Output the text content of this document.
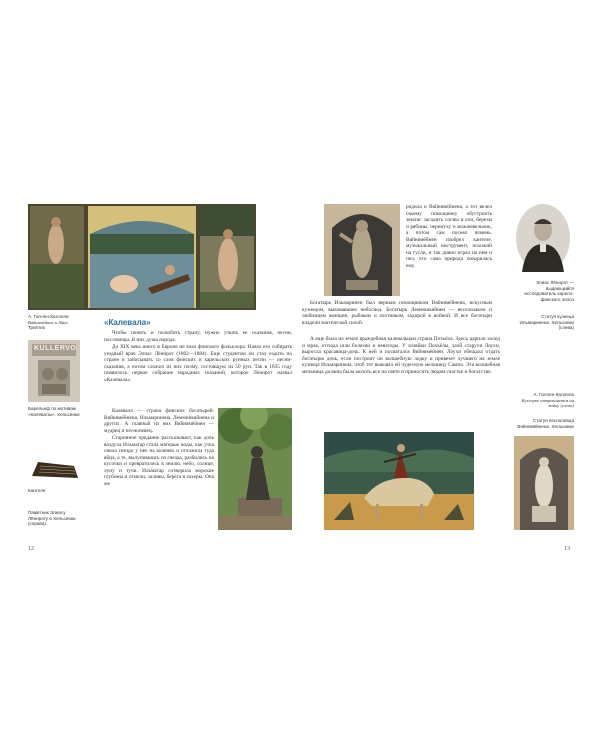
А. Галлен-Каллела
Вяйнямёйнен и Айно
Триптих
KULLERVO
Барельеф по мотивам «Калевалы». Хельсинки
Кантеле
Памятник Элиасу Лённроту в Хельсинки (справа)
«Калевала»

Чтобы понять и полюбить страну, нужно узнать ее сказания, песни, пословицы. В них душа народа.

До XIX века никто в Европе не знал финского фольклора. Начал его собирать уездный врач Элиас Лённрот (1802—1884). Еще студентом он стал ездить по стране и записывать со слов финских и карельских рунных песни — песни-сказания, а потом сложил из них поэму, состоящую из 50 рун. Так в 1835 году появилось первое собрание народных сказаний, которое Лённрот назвал «Калевала».

Калевала — страна финских богатырей: Вяйнямёйнена, Ильмаринена, Лемминкяйнена и других. А главный из них Вяйнямёйнен — мудрец и песнопевец.

Старинное предание рассказывает, как дочь воздуха Ильматар стала матерью воды, как утка свила гнездо у нее на коленях и отложила туда яйца, а те, вылупившись из гнезда, разбились на кусочки и превратились в землю, небо, солнце, луну и тучи. Ильматар сотворила морские глубины и отмели, заливы, берега и шхеры. Она же

12

родила и Вяйнямёйнена, а тот велел своему помощнику обустроить землю: засадить сосны и ели, березы и рябины, черемуху и можжевельник, а потом сам посеял ячмень. Вяйнямёйнен изобрел кантеле, музыкальный инструмент, похожий на гусли, и так дивно играл на нем и пел, что сама природа покорялась ему.

Элиас Лённрот — выдающийся исследователь карело-финского эпоса
Статуя кузнеца Ильмаринена. Хельсинки (слева)

Богатырь Ильмаринен был верным помощником Вяйнямёйнена, искусным кузнецом, выковавшим небосвод. Богатырь Лемминкяйнен — весельчаком и любимцем женщин, рыбаком и охотником, задирой в войной. И все богатыри владели магической силой.

А еще была на земле враждебная калевальцам страна Похъёла. Здесь царили холод и мрак, отсюда шли болезни и невзгоды. У хозяйки Похъёлы, злой старухи Лоухи, выросла красавица-дочь. К ней и посватался Вяйнямёйнен. Лоухи обещала отдать богатырю дочь, если построит он волшебную лодку и привезет лучшего на земле кузнеца Ильмаринена, чтоб тот выковал ей чудесную мельницу Сампо. Эта волшебная мельница должна была молоть все на свете и приносить людям счастье и богатство.

А. Галлен-Каллела
Куллерво отправляется на войну (слева)
Статуя песнопевца Вяйнямёйнена. Хельсинки
13
